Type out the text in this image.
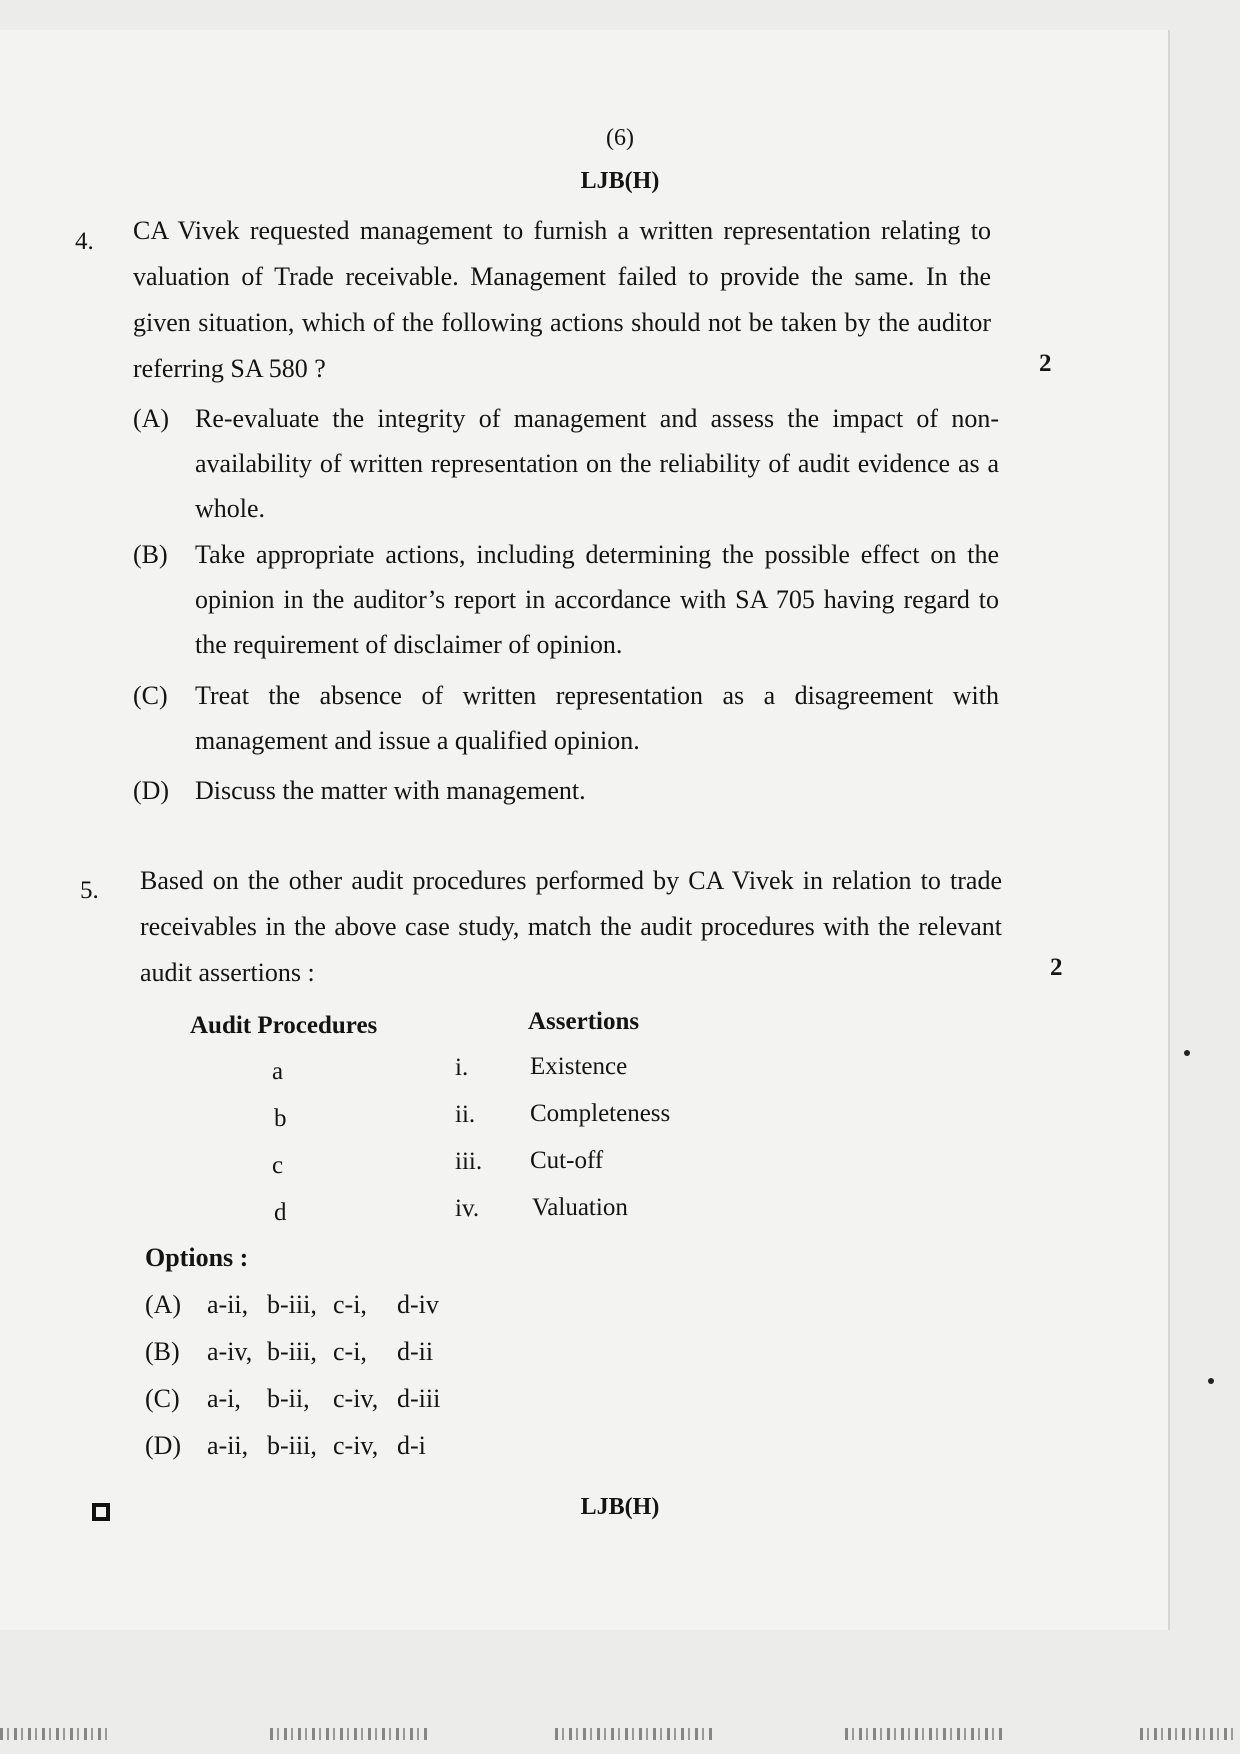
(6)
LJB(H)
4.
2
CA Vivek requested management to furnish a written representation relating to valuation of Trade receivable. Management failed to provide the same. In the given situation, which of the following actions should not be taken by the auditor referring SA 580 ?
(A) Re-evaluate the integrity of management and assess the impact of non-availability of written representation on the reliability of audit evidence as a whole.
(B) Take appropriate actions, including determining the possible effect on the opinion in the auditor’s report in accordance with SA 705 having regard to the requirement of disclaimer of opinion.
(C) Treat the absence of written representation as a disagreement with management and issue a qualified opinion.
(D) Discuss the matter with management.
5.
2
Based on the other audit procedures performed by CA Vivek in relation to trade receivables in the above case study, match the audit procedures with the relevant audit assertions :
Audit Procedures	Assertions
a	i. Existence
b	ii. Completeness
c	iii. Cut-off
d	iv. Valuation
Options :
(A) a-ii, b-iii, c-i, d-iv
(B) a-iv, b-iii, c-i, d-ii
(C) a-i, b-ii, c-iv, d-iii
(D) a-ii, b-iii, c-iv, d-i
LJB(H)
